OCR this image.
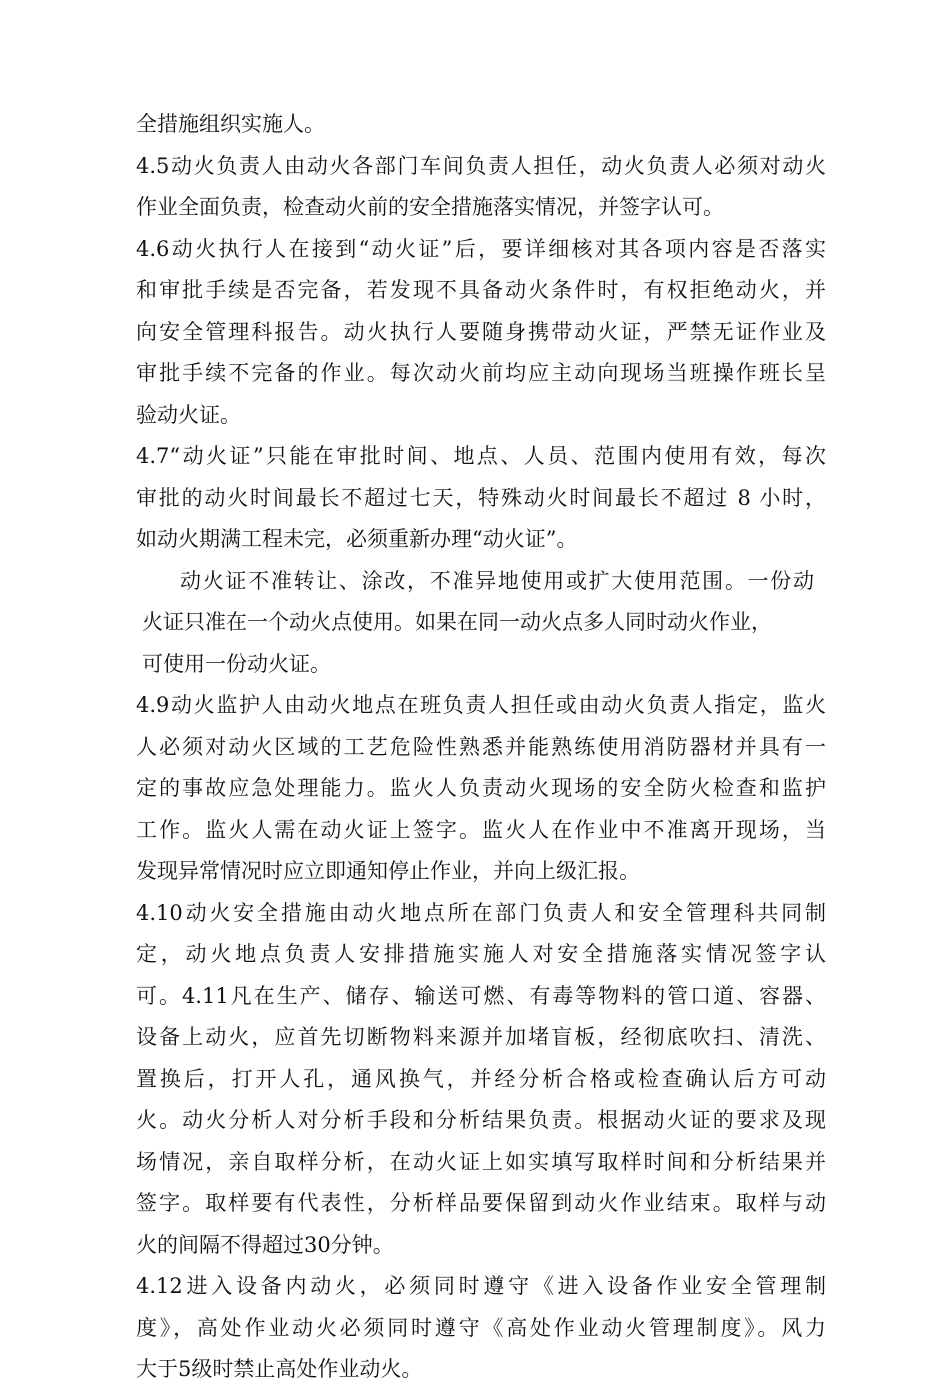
全措施组织实施人。
4.5动火负责人由动火各部门车间负责人担任，动火负责人必须对动火
作业全面负责，检查动火前的安全措施落实情况，并签字认可。
4.6动火执行人在接到“动火证”后，要详细核对其各项内容是否落实
和审批手续是否完备，若发现不具备动火条件时，有权拒绝动火，并
向安全管理科报告。动火执行人要随身携带动火证，严禁无证作业及
审批手续不完备的作业。每次动火前均应主动向现场当班操作班长呈
验动火证。
4.7“动火证”只能在审批时间、地点、人员、范围内使用有效，每次
审批的动火时间最长不超过七天，特殊动火时间最长不超过 8 小时，
如动火期满工程未完，必须重新办理“动火证”。
动火证不准转让、涂改，不准异地使用或扩大使用范围。一份动
火证只准在一个动火点使用。如果在同一动火点多人同时动火作业，
可使用一份动火证。
4.9动火监护人由动火地点在班负责人担任或由动火负责人指定，监火
人必须对动火区域的工艺危险性熟悉并能熟练使用消防器材并具有一
定的事故应急处理能力。监火人负责动火现场的安全防火检查和监护
工作。监火人需在动火证上签字。监火人在作业中不准离开现场，当
发现异常情况时应立即通知停止作业，并向上级汇报。
4.10动火安全措施由动火地点所在部门负责人和安全管理科共同制
定，动火地点负责人安排措施实施人对安全措施落实情况签字认
可。4.11凡在生产、储存、输送可燃、有毒等物料的管口道、容器、
设备上动火，应首先切断物料来源并加堵盲板，经彻底吹扫、清洗、
置换后，打开人孔，通风换气，并经分析合格或检查确认后方可动
火。动火分析人对分析手段和分析结果负责。根据动火证的要求及现
场情况，亲自取样分析，在动火证上如实填写取样时间和分析结果并
签字。取样要有代表性，分析样品要保留到动火作业结束。取样与动
火的间隔不得超过30分钟。
4.12进入设备内动火，必须同时遵守《进入设备作业安全管理制
度》，高处作业动火必须同时遵守《高处作业动火管理制度》。风力
大于5级时禁止高处作业动火。
